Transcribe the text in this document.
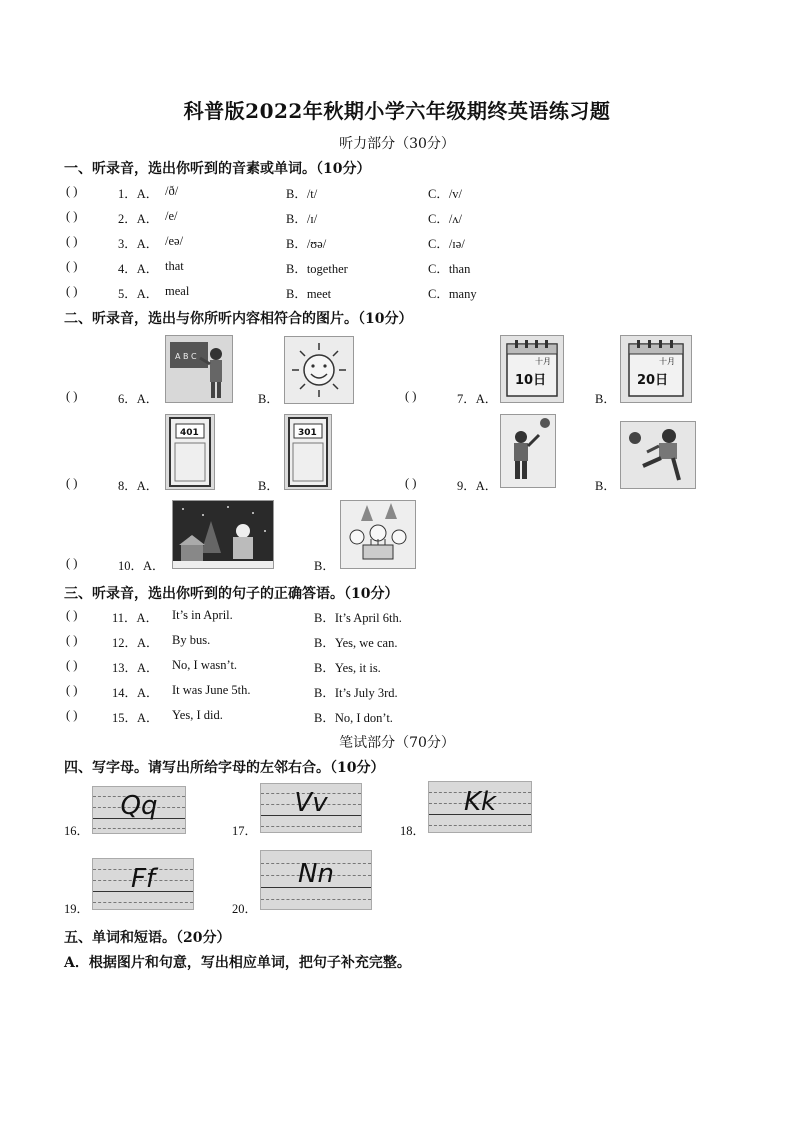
科普版2022年秋期小学六年级期终英语练习题
听力部分（30分）
一、听录音，选出你听到的音素或单词。（10分）
( )	1．A． /ð/	B．/t/	C．/v/
( )	2．A． /e/	B．/ɪ/	C．/ʌ/
( )	3．A． /eə/	B．/ʊə/	C．/ɪə/
( )	4．A． that	B．together	C．than
( )	5．A． meal	B．meet	C．many
二、听录音，选出与你所听内容相符合的图片。（10分）
( )	6．A．
A B C
B．	( )	7．A．
十月
10日
B．
十月
20日
( )	8．A．
401
B．
301
( )	9．A．	B．
( )	10．A．	B．
三、听录音，选出你听到的句子的正确答语。（10分）
( )	11．A． It’s in April.	B．It’s April 6th.
( )	12．A． By bus.	B．Yes, we can.
( )	13．A． No, I wasn’t.	B．Yes, it is.
( )	14．A． It was June 5th.	B．It’s July 3rd.
( )	15．A． Yes, I did.	B．No, I don’t.
笔试部分（70分）
四、写字母。请写出所给字母的左邻右合。（10分）
16．
Qq
17．
Vv
18．
Kk
19．
Ff
20．
Nn
五、单词和短语。（20分）
A．根据图片和句意，写出相应单词，把句子补充完整。
